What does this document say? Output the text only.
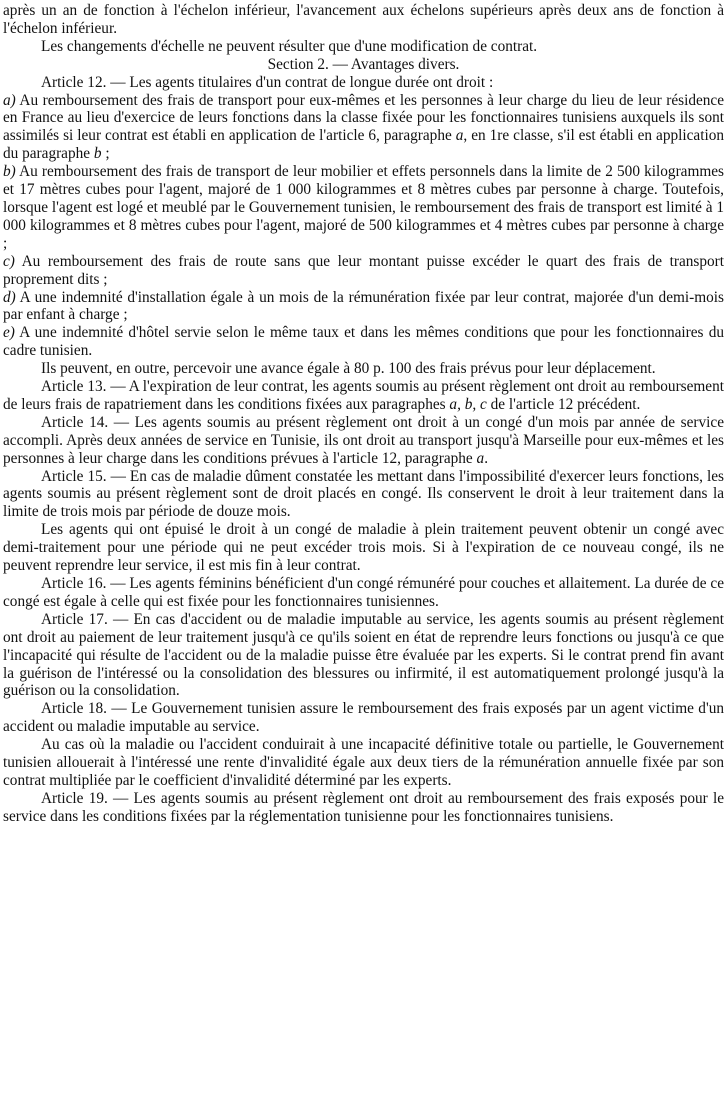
après un an de fonction à l'échelon inférieur, l'avancement aux échelons supérieurs après deux ans de fonction à l'échelon inférieur.

Les changements d'échelle ne peuvent résulter que d'une modification de contrat.

Section 2. — Avantages divers.

Article 12. — Les agents titulaires d'un contrat de longue durée ont droit :

a) Au remboursement des frais de transport pour eux-mêmes et les personnes à leur charge du lieu de leur résidence en France au lieu d'exercice de leurs fonctions dans la classe fixée pour les fonctionnaires tunisiens auxquels ils sont assimilés si leur contrat est établi en application de l'article 6, paragraphe a, en 1re classe, s'il est établi en application du paragraphe b ;

b) Au remboursement des frais de transport de leur mobilier et effets personnels dans la limite de 2 500 kilogrammes et 17 mètres cubes pour l'agent, majoré de 1 000 kilogrammes et 8 mètres cubes par personne à charge. Toutefois, lorsque l'agent est logé et meublé par le Gouvernement tunisien, le remboursement des frais de transport est limité à 1 000 kilogrammes et 8 mètres cubes pour l'agent, majoré de 500 kilogrammes et 4 mètres cubes par personne à charge ;

c) Au remboursement des frais de route sans que leur montant puisse excéder le quart des frais de transport proprement dits ;

d) A une indemnité d'installation égale à un mois de la rémunération fixée par leur contrat, majorée d'un demi-mois par enfant à charge ;

e) A une indemnité d'hôtel servie selon le même taux et dans les mêmes conditions que pour les fonctionnaires du cadre tunisien.

Ils peuvent, en outre, percevoir une avance égale à 80 p. 100 des frais prévus pour leur déplacement.

Article 13. — A l'expiration de leur contrat, les agents soumis au présent règlement ont droit au remboursement de leurs frais de rapatriement dans les conditions fixées aux paragraphes a, b, c de l'article 12 précédent.

Article 14. — Les agents soumis au présent règlement ont droit à un congé d'un mois par année de service accompli. Après deux années de service en Tunisie, ils ont droit au transport jusqu'à Marseille pour eux-mêmes et les personnes à leur charge dans les conditions prévues à l'article 12, paragraphe a.

Article 15. — En cas de maladie dûment constatée les mettant dans l'impossibilité d'exercer leurs fonctions, les agents soumis au présent règlement sont de droit placés en congé. Ils conservent le droit à leur traitement dans la limite de trois mois par période de douze mois.

Les agents qui ont épuisé le droit à un congé de maladie à plein traitement peuvent obtenir un congé avec demi-traitement pour une période qui ne peut excéder trois mois. Si à l'expiration de ce nouveau congé, ils ne peuvent reprendre leur service, il est mis fin à leur contrat.

Article 16. — Les agents féminins bénéficient d'un congé rémunéré pour couches et allaitement. La durée de ce congé est égale à celle qui est fixée pour les fonctionnaires tunisiennes.

Article 17. — En cas d'accident ou de maladie imputable au service, les agents soumis au présent règlement ont droit au paiement de leur traitement jusqu'à ce qu'ils soient en état de reprendre leurs fonctions ou jusqu'à ce que l'incapacité qui résulte de l'accident ou de la maladie puisse être évaluée par les experts. Si le contrat prend fin avant la guérison de l'intéressé ou la consolidation des blessures ou infirmité, il est automatiquement prolongé jusqu'à la guérison ou la consolidation.

Article 18. — Le Gouvernement tunisien assure le remboursement des frais exposés par un agent victime d'un accident ou maladie imputable au service.

Au cas où la maladie ou l'accident conduirait à une incapacité définitive totale ou partielle, le Gouvernement tunisien allouerait à l'intéressé une rente d'invalidité égale aux deux tiers de la rémunération annuelle fixée par son contrat multipliée par le coefficient d'invalidité déterminé par les experts.

Article 19. — Les agents soumis au présent règlement ont droit au remboursement des frais exposés pour le service dans les conditions fixées par la réglementation tunisienne pour les fonctionnaires tunisiens.
